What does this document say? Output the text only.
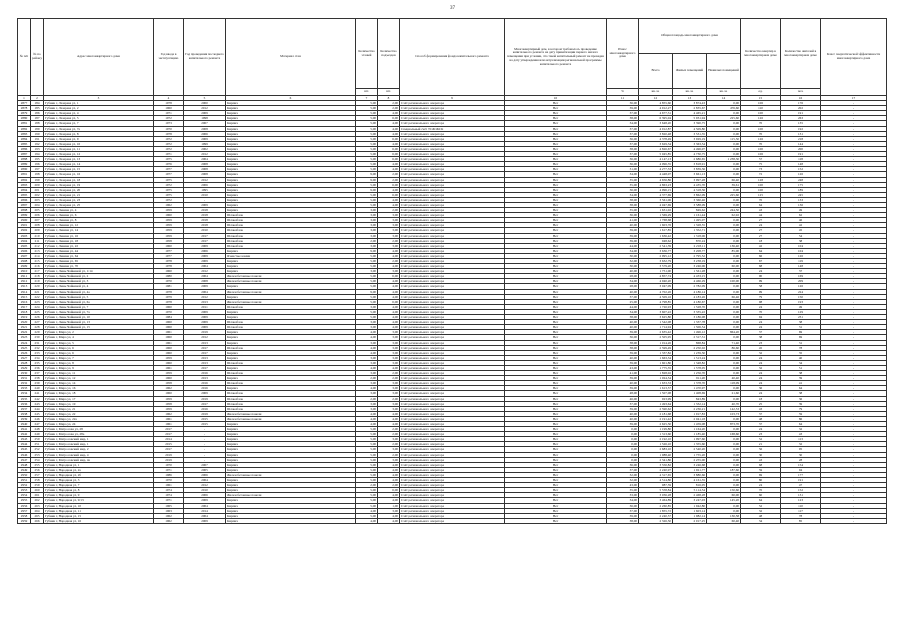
37
№ п/п	№ по району	Адрес многоквартирного дома	Год ввода в эксплуатацию	Год проведения последнего капитального ремонта	Материал стен	Количество этажей	Количество подъездов	Способ формирования фонда капитального ремонта	Многоквартирный дом, в котором требовалось проведение капитального ремонта на дату приватизации первого жилого помещения при условии, что такой капитальный ремонт не проведен на дату утверждения или актуализации региональной программы капитального ремонта	Износ многоквартирного дома	Общая площадь многоквартирного дома			Количество квартир в многоквартирном доме	Количество жителей в многоквартирном доме	Класс энергетической эффективности многоквартирного дома
											Всего	Жилых помещений	Нежилых помещений			
						шт.	шт.			%	кв. м.	кв. м.	кв. м.	ед.	чел.	
1	2	3	4	5	6	7	8	9	10	11	12	13	14	15	16	17
2877	184	Губкин г, Лазарева ул, 1	1978	2000	Кирпич	5,00	2,00	Счёт регионального оператора	Нет	36,00	4 855,60	3 874,43	0,00	106	176	-
2878	185	Губкин г, Лазарева ул, 2	1960	2012	Кирпич	5,00	2,00	Счёт регионального оператора	Нет	39,00	4 912,27	2 835,67	476,60	110	202	-
2879	186	Губкин г, Лазарева ул, 4	1971	2009	Кирпич	5,00	4,00	Счёт регионального оператора	Нет	37,00	4 677,31	4 465,21	0,00	100	191	-
2880	187	Губкин г, Лазарева ул, 5	1972	1998	Кирпич	5,00	6,00	Счёт регионального оператора	Нет	38,00	6 395,04	5 931,94	225,60	126	263	-
2881	188	Губкин г, Лазарева ул, 7	1973	2007	Кирпич	5,00	4,00	Счёт регионального оператора	Нет	34,00	3 648,20	3 390,75	0,00	70	135	-
2882	189	Губкин г, Лазарева ул, 7а	1970	2008	Кирпич	5,00	4,00	Специальный счёт ТСЖ/ЖСК	Нет	37,00	4 912,87	4 509,80	0,00	100	192	-
2883	190	Губкин г, Лазарева ул, 8	1978	2006	Кирпич	5,00	4,00	Счёт регионального оператора	Нет	37,00	3 820,48	3 531,35	0,00	70	131	-
2884	191	Губкин г, Лазарева ул, 9	1972	2009	Кирпич	5,00	6,00	Счёт регионального оператора	Нет	36,00	4 378,49	3 929,19	115,50	126	218	-
2885	192	Губкин г, Лазарева ул, 10	1972	1999	Кирпич	5,00	4,00	Счёт регионального оператора	Нет	37,00	3 629,34	3 363,54	0,00	70	144	-
2886	193	Губкин г, Лазарева ул, 11	1972	2002	Кирпич	5,00	6,00	Счёт регионального оператора	Нет	38,00	4 826,67	4 496,07	0,00	100	200	-
2887	194	Губкин г, Лазарева ул, 12	1971	2012	Кирпич	5,00	6,00	Счёт регионального оператора	Нет	37,00	5 045,85	4 730,75	0,00	106	191	-
2888	195	Губкин г, Лазарева ул, 13	1975	2004	Кирпич	5,00	6,00	Счёт регионального оператора	Нет	36,00	4 147,13	2 686,65	1 238,30	57	118	-
2889	196	Губкин г, Лазарева ул, 14	1976	2008	Кирпич	5,00	4,00	Счёт регионального оператора	Нет	36,00	4 096,35	3 818,91	0,00	75	148	-
2890	197	Губкин г, Лазарева ул, 15	1977	2008	Кирпич	5,00	4,00	Счёт регионального оператора	Нет	31,00	4 277,33	3 839,36	0,00	73	152	-
2891	198	Губкин г, Лазарева ул, 16	1977	2008	Кирпич	9,00	2,00	Счёт регионального оператора	Нет	34,00	4 448,07	3 661,13	0,00	72	126	-
2892	199	Губкин г, Лазарева ул, 18	1975	2012	Кирпич	9,00	2,00	Счёт регионального оператора	Нет	35,00	4 656,86	3 997,28	66,40	128	248	-
2893	200	Губкин г, Лазарева ул, 19	1972	2006	Кирпич	5,00	6,00	Счёт регионального оператора	Нет	35,00	4 863,23	4 435,70	39,61	100	175	-
2894	201	Губкин г, Лазарева ул, 20	1975	1995	Кирпич	9,00	4,00	Счёт регионального оператора	Нет	36,00	4 996,15	4 318,36	0,00	100	189	-
2895	202	Губкин г, Лазарева ул, 21	1975	2010	Кирпич	5,00	6,00	Счёт регионального оператора	Нет	34,00	4 377,69	3 862,09	225,60	125	245	-
2896	203	Губкин г, Лазарева ул, 23	1972	-	Кирпич	5,00	4,00	Счёт регионального оператора	Нет	38,00	3 561,06	3 360,46	0,00	70	133	-
2897	204	Губкин г, Лазарева ул, 25	1962	2009	Кирпич	5,00	4,00	Счёт регионального оператора	Нет	38,00	4 047,69	3 588,09	0,00	64	136	-
2898	205	Губкин г, Ленина ул, 4	1959	2018	Кирпич	3,00	2,00	Счёт регионального оператора	Нет	35,00	1 631,02	849,62	244,50	43	49	-
2899	206	Губкин г, Ленина ул, 6	1960	2018	Шлакоблок	3,00	3,00	Счёт регионального оператора	Нет	36,00	1 569,29	1 161,44	62,92	44	62	-
2900	207	Губкин г, Ленина ул, 8	1959	2018	Шлакоблок	3,00	3,00	Счёт регионального оператора	Нет	41,00	1 768,68	1 495,07	0,00	27	46	-
2901	208	Губкин г, Ленина ул, 12	1959	2018	Шлакоблок	3,00	3,00	Счёт регионального оператора	Нет	40,00	1 603,76	1 328,55	0,00	24	42	-
2902	209	Губкин г, Ленина ул, 14	1959	2010	Шлакоблок	3,00	3,00	Счёт регионального оператора	Нет	39,00	1 617,85	1 352,71	0,00	27	45	-
2903	210	Губкин г, Ленина ул, 16	1959	2017	Шлакоблок	3,00	3,00	Счёт регионального оператора	Нет	39,00	1 636,42	1 318,06	0,00	27	54	-
2904	211	Губкин г, Ленина ул, 18	1958	2017	Шлакоблок	2,00	2,00	Счёт регионального оператора	Нет	39,00	948,62	870,24	0,00	18	38	-
2905	212	Губкин г, Ленина ул, 22	1960	2009	Шлакоблок	3,00	3,00	Счёт регионального оператора	Нет	44,00	2 541,39	2 218,11	136,40	42	104	-
2906	213	Губкин г, Ленина ул, 44	1977	2006	Кирпич	9,00	4,00	Счёт регионального оператора	Нет	34,00	3 636,77	3 208,77	85,00	64	104	-
2907	214	Губкин г, Ленина ул, 64	1977	2009	Ячеистые камни	5,00	4,00	Счёт регионального оператора	Нет	30,00	2 995,12	2 795,52	0,00	66	126	-
2908	215	Губкин г, Ленина ул, 65	1978	2009	Кирпич	5,00	2,00	Счёт регионального оператора	Нет	32,00	3 632,79	3 238,19	0,00	67	119	-
2909	216	Губкин г, Ленина ул, 70	1978	2004	Кирпич	5,00	4,00	Счёт регионального оператора	Нет	30,00	3 579,20	3 246,06	60,00	68	148	-
2910	217	Губкин г, Лены Чайкиной ул, 1/14	1960	2012	Кирпич	3,00	3,00	Счёт регионального оператора	Нет	40,00	1 751,00	1 561,28	0,00	24	37	-
2911	218	Губкин г, Лены Чайкиной ул, 2	1980	2004	Железобетонные панели	5,00	6,00	Счёт регионального оператора	Нет	28,00	4 857,74	4 433,15	0,00	90	169	-
2912	219	Губкин г, Лены Чайкиной ул, 3	1970	2008	Железобетонные панели	5,00	4,00	Счёт регионального оператора	Нет	34,00	4 940,20	4 466,29	100,00	99	209	-
2913	220	Губкин г, Лены Чайкиной ул, 4	1981	2009	Кирпич	5,00	4,00	Счёт регионального оператора	Нет	28,00	3 047,09	2 782,09	0,00	58	126	-
2914	221	Губкин г, Лены Чайкиной ул, 4а	1978	2004	Железобетонные панели	9,00	4,00	Счёт регионального оператора	Нет	40,00	4 702,26	4 186,14	0,00	99	224	-
2915	222	Губкин г, Лены Чайкиной ул, 5	1979	2012	Кирпич	5,00	4,00	Счёт регионального оператора	Нет	37,00	4 509,16	4 183,26	66,46	79	150	-
2916	223	Губкин г, Лены Чайкиной ул, 6а	1978	2013	Железобетонные панели	5,00	6,00	Счёт регионального оператора	Нет	25,00	4 798,85	4 180,67	0,00	98	193	-
2917	224	Губкин г, Лены Чайкиной ул, 7	1960	2011	Шлакоблок	3,00	4,00	Счёт регионального оператора	Нет	44,00	1 726,93	1 528,70	0,00	24	49	-
2918	225	Губкин г, Лены Чайкиной ул, 7а	1970	2009	Кирпич	5,00	4,00	Счёт регионального оператора	Нет	34,00	3 607,22	3 335,22	0,00	70	129	-
2919	226	Губкин г, Лены Чайкиной ул, 10	1984	2009	Кирпич	5,00	4,00	Счёт регионального оператора	Нет	38,00	3 625,80	3 186,08	0,00	94	231	-
2920	227	Губкин г, Лены Чайкиной ул, 13	1960	2009	Шлакоблок	3,00	4,00	Счёт регионального оператора	Нет	40,00	1 542,08	1 337,78	0,00	24	38	-
2921	228	Губкин г, Лены Чайкиной ул, 15	1960	2009	Шлакоблок	3,00	4,00	Счёт регионального оператора	Нет	40,00	1 714,94	1 506,54	0,00	24	31	-
2922	229	Губкин г, Мира ул, 2	1961	2019	Кирпич	4,00	3,00	Счёт регионального оператора	Нет	39,00	2 635,42	1 496,12	864,20	37	69	-
2923	230	Губкин г, Мира ул, 4	1960	2012	Кирпич	4,00	3,00	Счёт регионального оператора	Нет	36,00	2 505,95	2 317,31	0,00	38	69	-
2924	231	Губкин г, Мира ул, 5	1961	2013	Кирпич	3,00	3,00	Счёт регионального оператора	Нет	38,00	1 014,26	868,84	71,40	23	31	-
2925	232	Губкин г, Мира ул, 6	1960	2017	Шлакоблок	4,00	3,00	Счёт регионального оператора	Нет	38,00	2 599,49	2 250,02	86,60	45	78	-
2926	233	Губкин г, Мира ул, 6	1960	2017	Кирпич	4,00	3,00	Счёт регионального оператора	Нет	39,00	1 337,82	1 239,50	0,00	32	35	-
2927	234	Губкин г, Мира ул, 7	1959	2013	Кирпич	3,00	3,00	Счёт регионального оператора	Нет	40,00	1 663,34	1 513,24	0,00	24	40	-
2928	235	Губкин г, Мира ул, 8	1960	2013	Шлакоблок	3,00	3,00	Счёт регионального оператора	Нет	39,00	1 601,80	1 348,82	0,00	24	34	-
2929	236	Губкин г, Мира ул, 9	1961	2017	Кирпич	4,00	4,00	Счёт регионального оператора	Нет	43,00	1 775,35	1 578,05	0,00	32	51	-
2930	237	Губкин г, Мира ул, 11	1959	2016	Шлакоблок	3,00	2,00	Счёт регионального оператора	Нет	41,00	1 828,02	1 256,70	0,00	24	38	-
2931	238	Губкин г, Мира ул, 12	1960	2013	Кирпич	2,00	2,00	Счёт регионального оператора	Нет	39,00	1 024,54	911,20	40,40	24	39	-
2932	239	Губкин г, Мира ул, 14	1958	2016	Шлакоблок	3,00	3,00	Счёт регионального оператора	Нет	40,00	1 633,33	1 378,70	118,09	24	41	-
2933	240	Губкин г, Мира ул, 16	1962	2016	Кирпич	4,00	3,00	Счёт регионального оператора	Нет	39,00	1 613,57	1 470,97	0,00	36	64	-
2934	241	Губкин г, Мира ул, 18	1960	2009	Шлакоблок	3,00	3,00	Счёт регионального оператора	Нет	48,00	1 507,08	1 408,69	21,60	24	38	-
2935	242	Губкин г, Мира ул, 17	1959	2019	Шлакоблок	2,00	2,00	Счёт регионального оператора	Нет	46,00	923,99	843,89	0,00	18	36	-
2936	243	Губкин г, Мира ул, 19	1958	2017	Шлакоблок	3,00	3,00	Счёт регионального оператора	Нет	37,00	1 493,64	1 332,14	40,70	25	39	-
2937	244	Губкин г, Мира ул, 21	1959	2016	Шлакоблок	3,00	3,00	Счёт регионального оператора	Нет	39,00	2 590,62	2 236,21	142,53	43	79	-
2938	245	Губкин г, Мира ул, 22	1962	2019	Железобетонные панели	4,00	4,00	Счёт регионального оператора	Нет	40,00	2 181,68	1 917,83	103,73	37	59	-
2939	246	Губкин г, Мира ул, 22а	1961	2015	Железобетонные панели	4,00	4,00	Счёт регионального оператора	Нет	40,00	2 191,42	2 041,18	0,00	48	86	-
2940	247	Губкин г, Мира ул, 24	1961	2015	Кирпич	4,00	4,00	Счёт регионального оператора	Нет	39,00	2 625,50	1 459,08	873,70	37	64	-
2941	248	Губкин г, Матросова ул, 28	2017	-	Кирпич	5,00	2,00	Счёт регионального оператора	Нет	0,00	1 199,80	1 164,20	0,00	24	32	-
2942	249	Губкин г, Матросова ул, 28а	2017	-	Кирпич	5,00	2,00	Счёт регионального оператора	Нет	0,00	1 313,60	1 185,40	168,60	23	43	-
2943	250	Губкин г, Матросовский мкр, 1	2014	-	Кирпич	5,00	3,00	Счёт регионального оператора	Нет	0,00	2 192,10	1 997,60	0,00	52	113	-
2944	251	Губкин г, Матросовский мкр, 1	2015	-	Кирпич	5,00	2,00	Счёт регионального оператора	Нет	0,00	1 526,10	1 355,60	0,00	21	32	-
2945	252	Губкин г, Матросовский мкр, 2	2017	-	Кирпич	5,00	3,00	Счёт регионального оператора	Нет	0,00	2 683,10	2 540,20	0,00	56	95	-
2946	253	Губкин г, Матросовский мкр, 4	2019	-	Кирпич	5,00	2,00	Счёт регионального оператора	Нет	0,00	1 988,40	1 755,20	0,00	30	30	-
2947	254	Губкин г, Матросовский мкр, 4а	2019	-	Кирпич	5,00	3,00	Счёт регионального оператора	Нет	0,00	2 341,80	2 255,00	0,00	43	28	-
2948	255	Губкин г, Народная ул, 1	1970	2007	Кирпич	5,00	4,00	Счёт регионального оператора	Нет	36,00	3 550,82	3 246,68	0,00	68	154	-
2949	256	Губкин г, Народная ул, 2а	1971	2005	Кирпич	5,00	4,00	Счёт регионального оператора	Нет	37,00	2 240,97	1 921,77	187,60	59	94	-
2950	257	Губкин г, Народная ул, 2б	1986	2006	Железобетонные панели	5,00	4,00	Счёт регионального оператора	Нет	32,00	4 317,65	3 880,66	0,00	69	177	-
2951	258	Губкин г, Народная ул, 3	1970	2004	Кирпич	5,00	4,00	Счёт регионального оператора	Нет	32,00	4 514,80	4 161,35	0,00	80	191	-
2952	259	Губкин г, Народная ул, 7	1961	2012	Кирпич	2,00	2,00	Счёт регионального оператора	Нет	43,00	987,59	816,05	0,00	24	47	-
2953	260	Губкин г, Народная ул, 8	1974	2010	Кирпич	5,00	6,00	Счёт регионального оператора	Нет	35,00	5 558,84	5 114,54	150,60	70	152	-
2954	261	Губкин г, Народная ул, 9	1974	2006	Железобетонные панели	5,00	4,00	Счёт регионального оператора	Нет	33,00	3 036,28	2 468,28	60,00	60	131	-
2955	262	Губкин г, Народная ул, 9/13	1971	2009	Кирпич	5,00	4,00	Счёт регионального оператора	Нет	34,00	3 464,89	3 247,03	145,20	64	123	-
2956	263	Губкин г, Народная ул, 10	1965	2004	Кирпич	5,00	1,00	Счёт регионального оператора	Нет	36,00	2 260,85	1 942,80	0,00	52	110	-
2957	264	Губкин г, Народная ул, 11	1963	2014	Кирпич	4,00	3,00	Счёт регионального оператора	Нет	37,00	1 855,72	1 603,14	0,00	32	117	-
2958	265	Губкин г, Народная ул, 15	1962	2004	Кирпич	5,00	4,00	Счёт регионального оператора	Нет	39,00	2 240,57	1 982,14	130,58	48	78	-
2959	266	Губкин г, Народная ул, 16	1962	2009	Кирпич	4,00	4,00	Счёт регионального оператора	Нет	38,00	2 326,50	2 017,25	60,40	34	85	-
